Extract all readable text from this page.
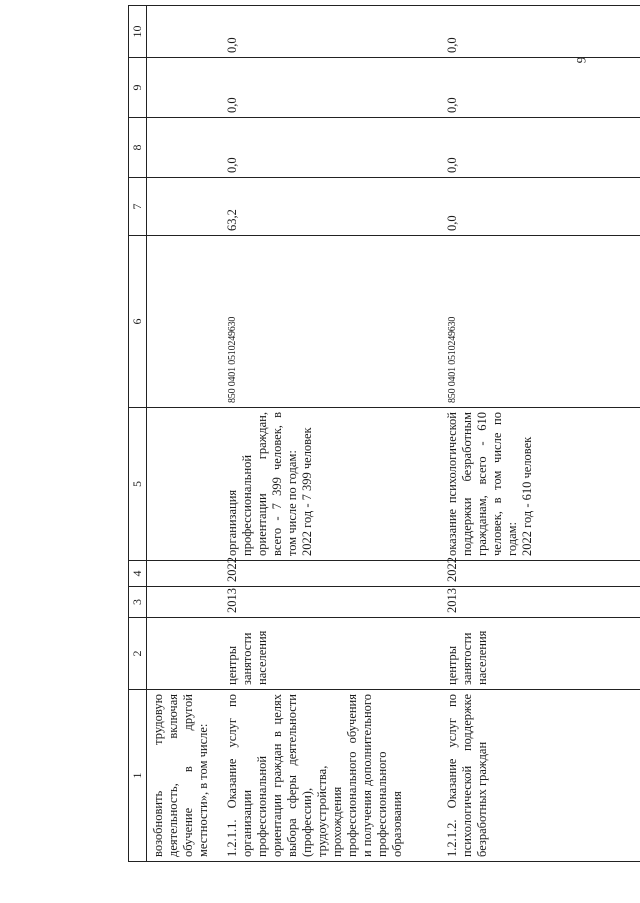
9
1	2	3	4	5	6	7	8	9	10
возобновить трудовую деятельность, включая обучение в другой местности», в том числе:									
1.2.1.1. Оказание услуг по организации профессиональной ориентации граждан в целях выбора сферы деятельности (профессии), трудоустройства, прохождения профессионального обучения и получения дополнительного профессионального образования	центры занятости населения	2013	2022	организация профессиональной ориентации граждан, всего - 7 399 человек, в том числе по годам: 2022 год - 7 399 человек	850 0401 0510249630	63,2	0,0	0,0	0,0
1.2.1.2. Оказание услуг по психологической поддержке безработных граждан	центры занятости населения	2013	2022	оказание психологической поддержки безработным гражданам, всего - 610 человек, в том числе по годам: 2022 год - 610 человек	850 0401 0510249630	0,0	0,0	0,0	0,0
